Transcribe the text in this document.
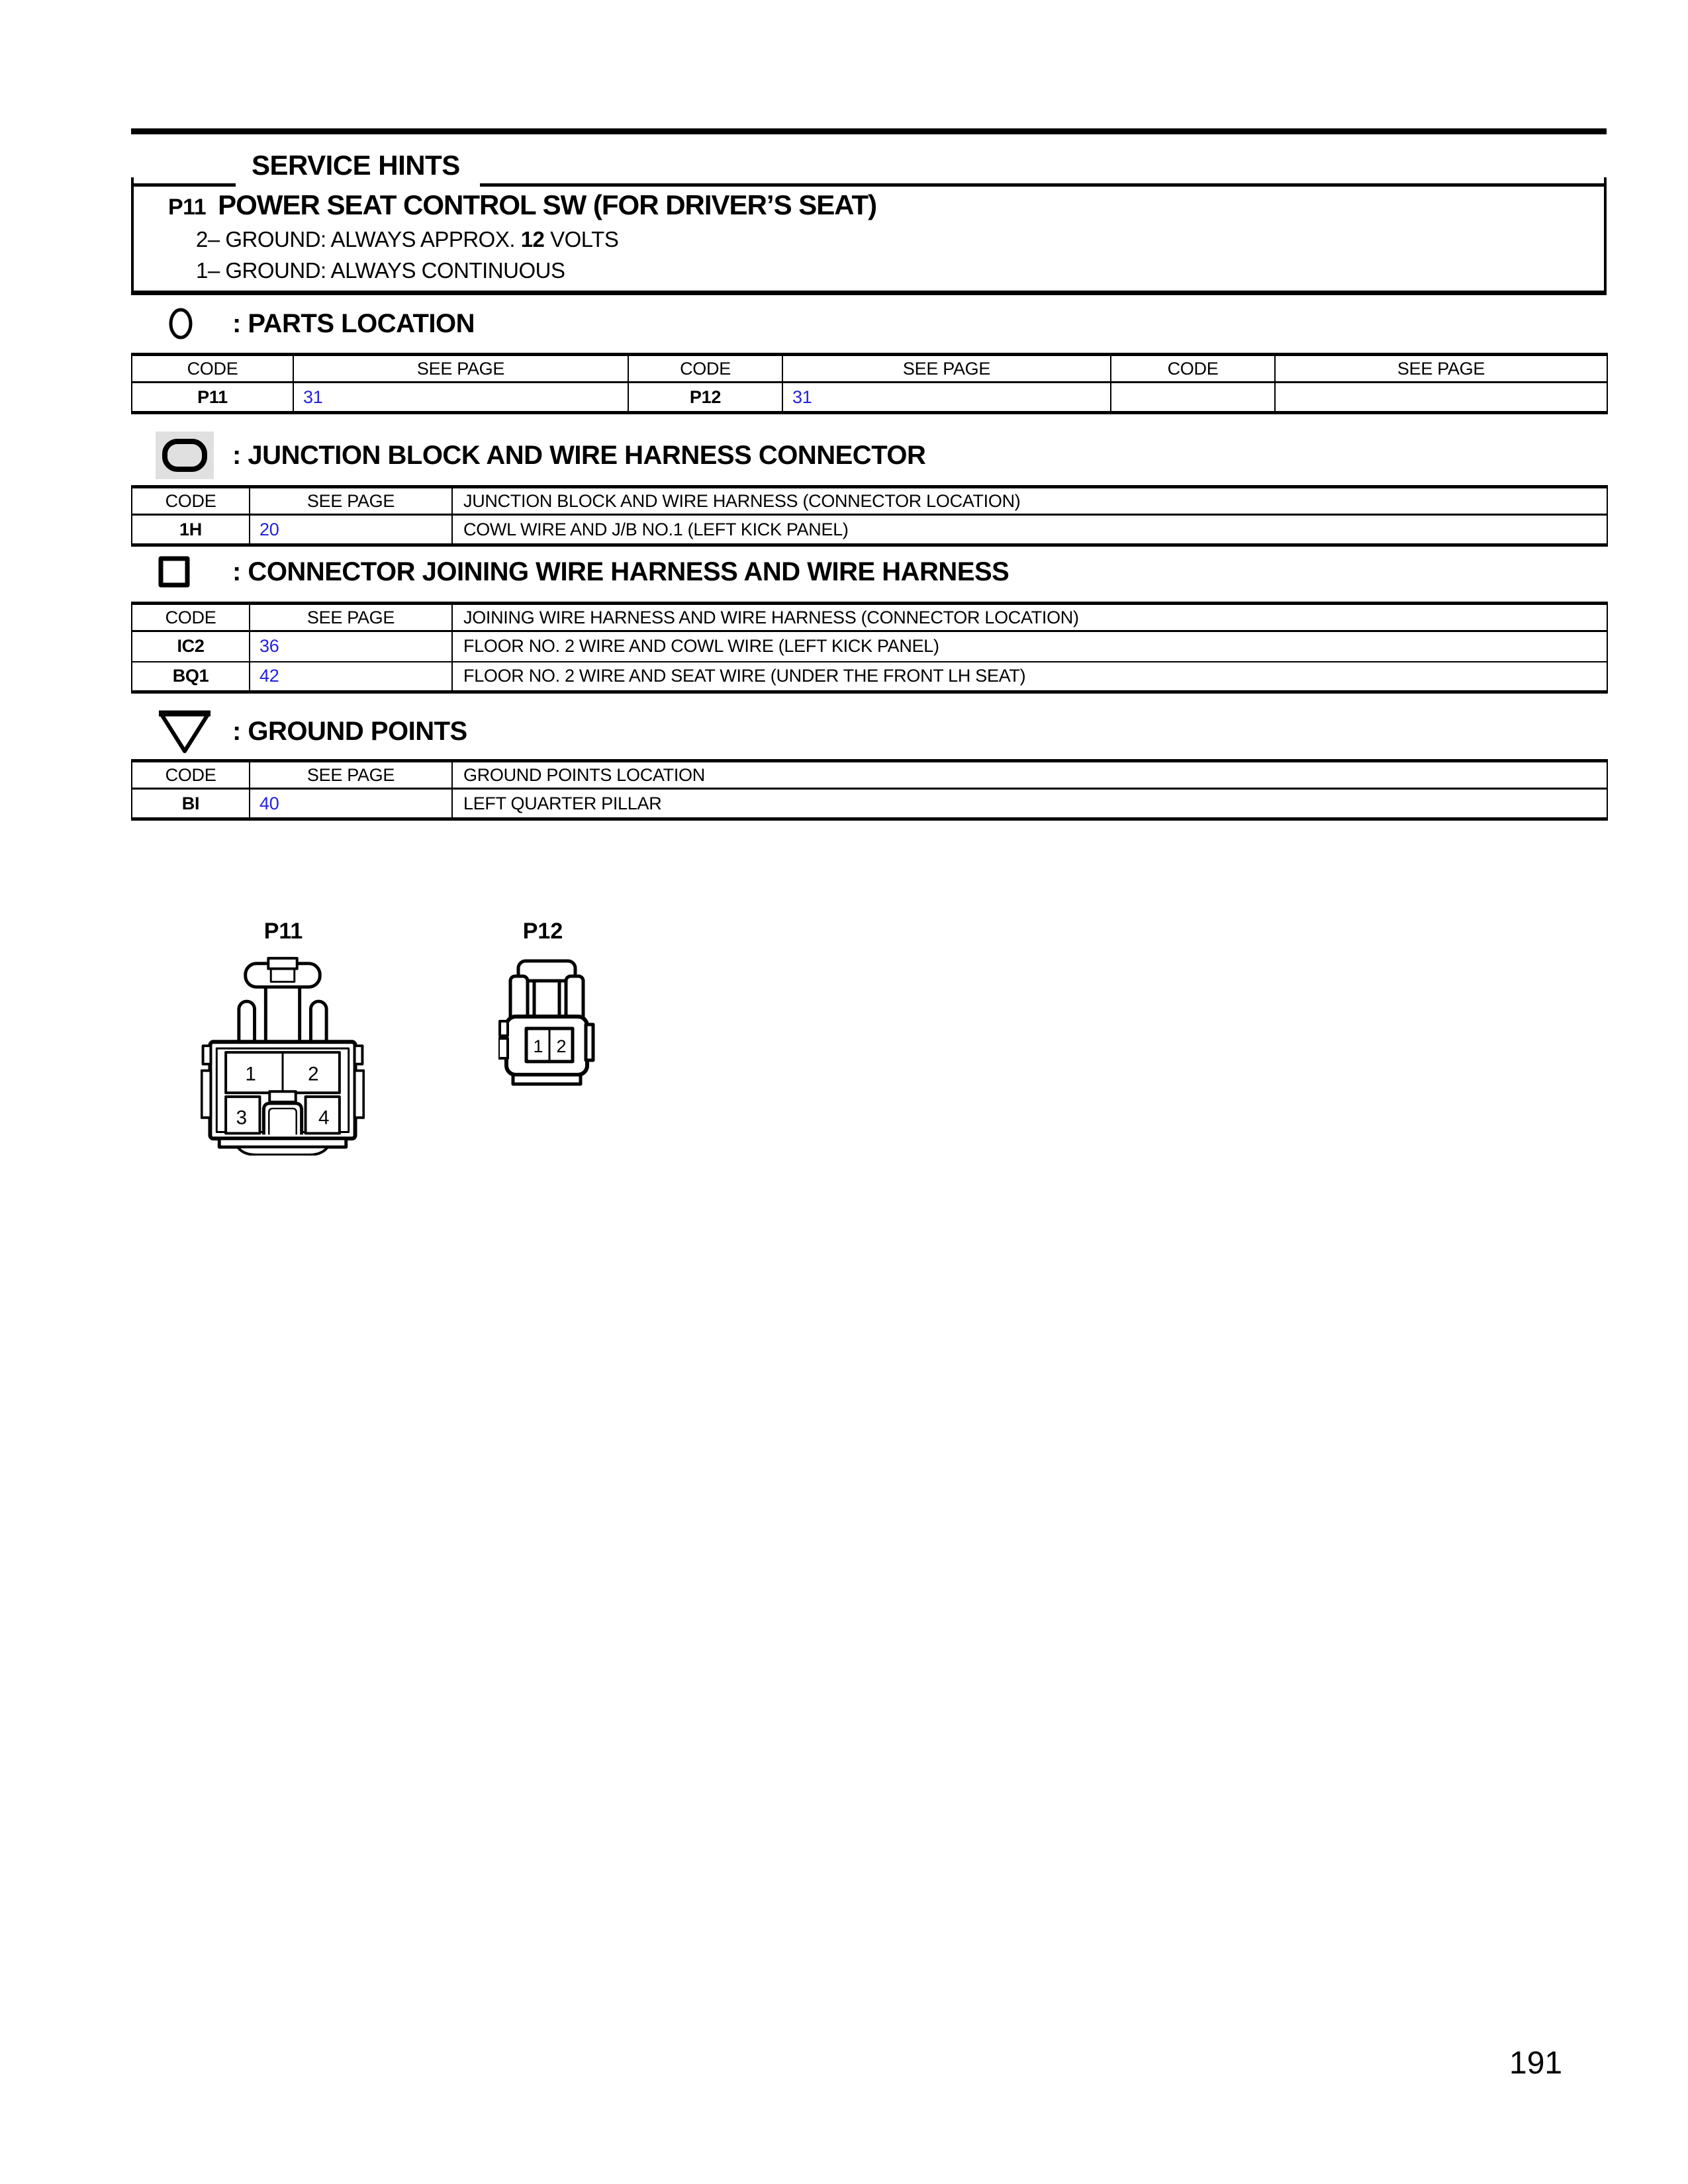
SERVICE HINTS
P11 POWER SEAT CONTROL SW (FOR DRIVER’S SEAT)
2– GROUND: ALWAYS APPROX. 12 VOLTS
1– GROUND: ALWAYS CONTINUOUS
: PARTS LOCATION
CODE	SEE PAGE	CODE	SEE PAGE	CODE	SEE PAGE
P11	31	P12	31		
: JUNCTION BLOCK AND WIRE HARNESS CONNECTOR
CODE	SEE PAGE	JUNCTION BLOCK AND WIRE HARNESS (CONNECTOR LOCATION)
1H	20	COWL WIRE AND J/B NO.1 (LEFT KICK PANEL)
: CONNECTOR JOINING WIRE HARNESS AND WIRE HARNESS
CODE	SEE PAGE	JOINING WIRE HARNESS AND WIRE HARNESS (CONNECTOR LOCATION)
IC2	36	FLOOR NO. 2 WIRE AND COWL WIRE (LEFT KICK PANEL)
BQ1	42	FLOOR NO. 2 WIRE AND SEAT WIRE (UNDER THE FRONT LH SEAT)
: GROUND POINTS
CODE	SEE PAGE	GROUND POINTS LOCATION
BI	40	LEFT QUARTER PILLAR
P11	P12
1	2
3	4
1 2
191
